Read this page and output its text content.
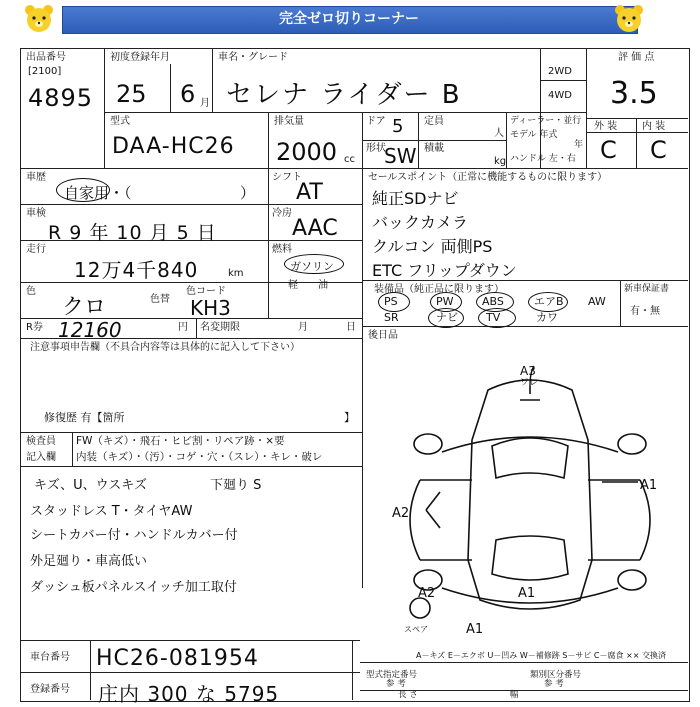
完全ゼロ切りコーナー
出品番号
[2100]
4895
初度登録年月
25 6 月
車名・グレード
セレナ ライダー B
2WD
4WD
評 価 点
3.5
外 装 内 装
C C
型式
DAA-HC26
排気量
2000 cc
ドア 5
形状
SW
定員
人
積載
kg
ディーラー・並行
モデル 年式
年
ハンドル 左・右
車歴
自家用・（	）
車検
R 9 年 10 月 5 日
走行
12万4千840	km
色
クロ	色替
色コード
KH3
シフト
AT
冷房
AAC
燃料
ガソリン
軽 油
セールスポイント（正常に機能するものに限ります）
純正SDナビ
バックカメラ
クルコン 両側PS
ETC フリップダウン
装備品（純正品に限ります）	新車保証書
有・無
PS	PW	ABS	エアB AW
SR	ナビ	TV	カワ
R券 12160	円 名変期限	月	日
注意事項申告欄（不具合内容等は具体的に記入して下さい）
修復歴 有【箇所	】
後日品
検査員
記入欄
FW（キズ）・飛石・ヒビ割・リペア跡・×要
内装（キズ）・（汚）・コゲ・穴・（スレ）・キレ・破レ
キズ、U、ウスキズ
スタッドレス T・タイヤAW
シートカバー付・ハンドルカバー付
外足廻り・車高低い
ダッシュ板パネルスイッチ加工取付
下廻り S
A3
ワレ
A1
A2
A2	A1
A1
スペア
車台番号 HC26-081954
登録番号 庄内 300 な 5795
A－キズ E－エクボ U－凹み W－補修跡 S－サビ C－腐食 ×× 交換済
型式指定番号	類別区分番号
参 考	参 考
長 さ	幅
